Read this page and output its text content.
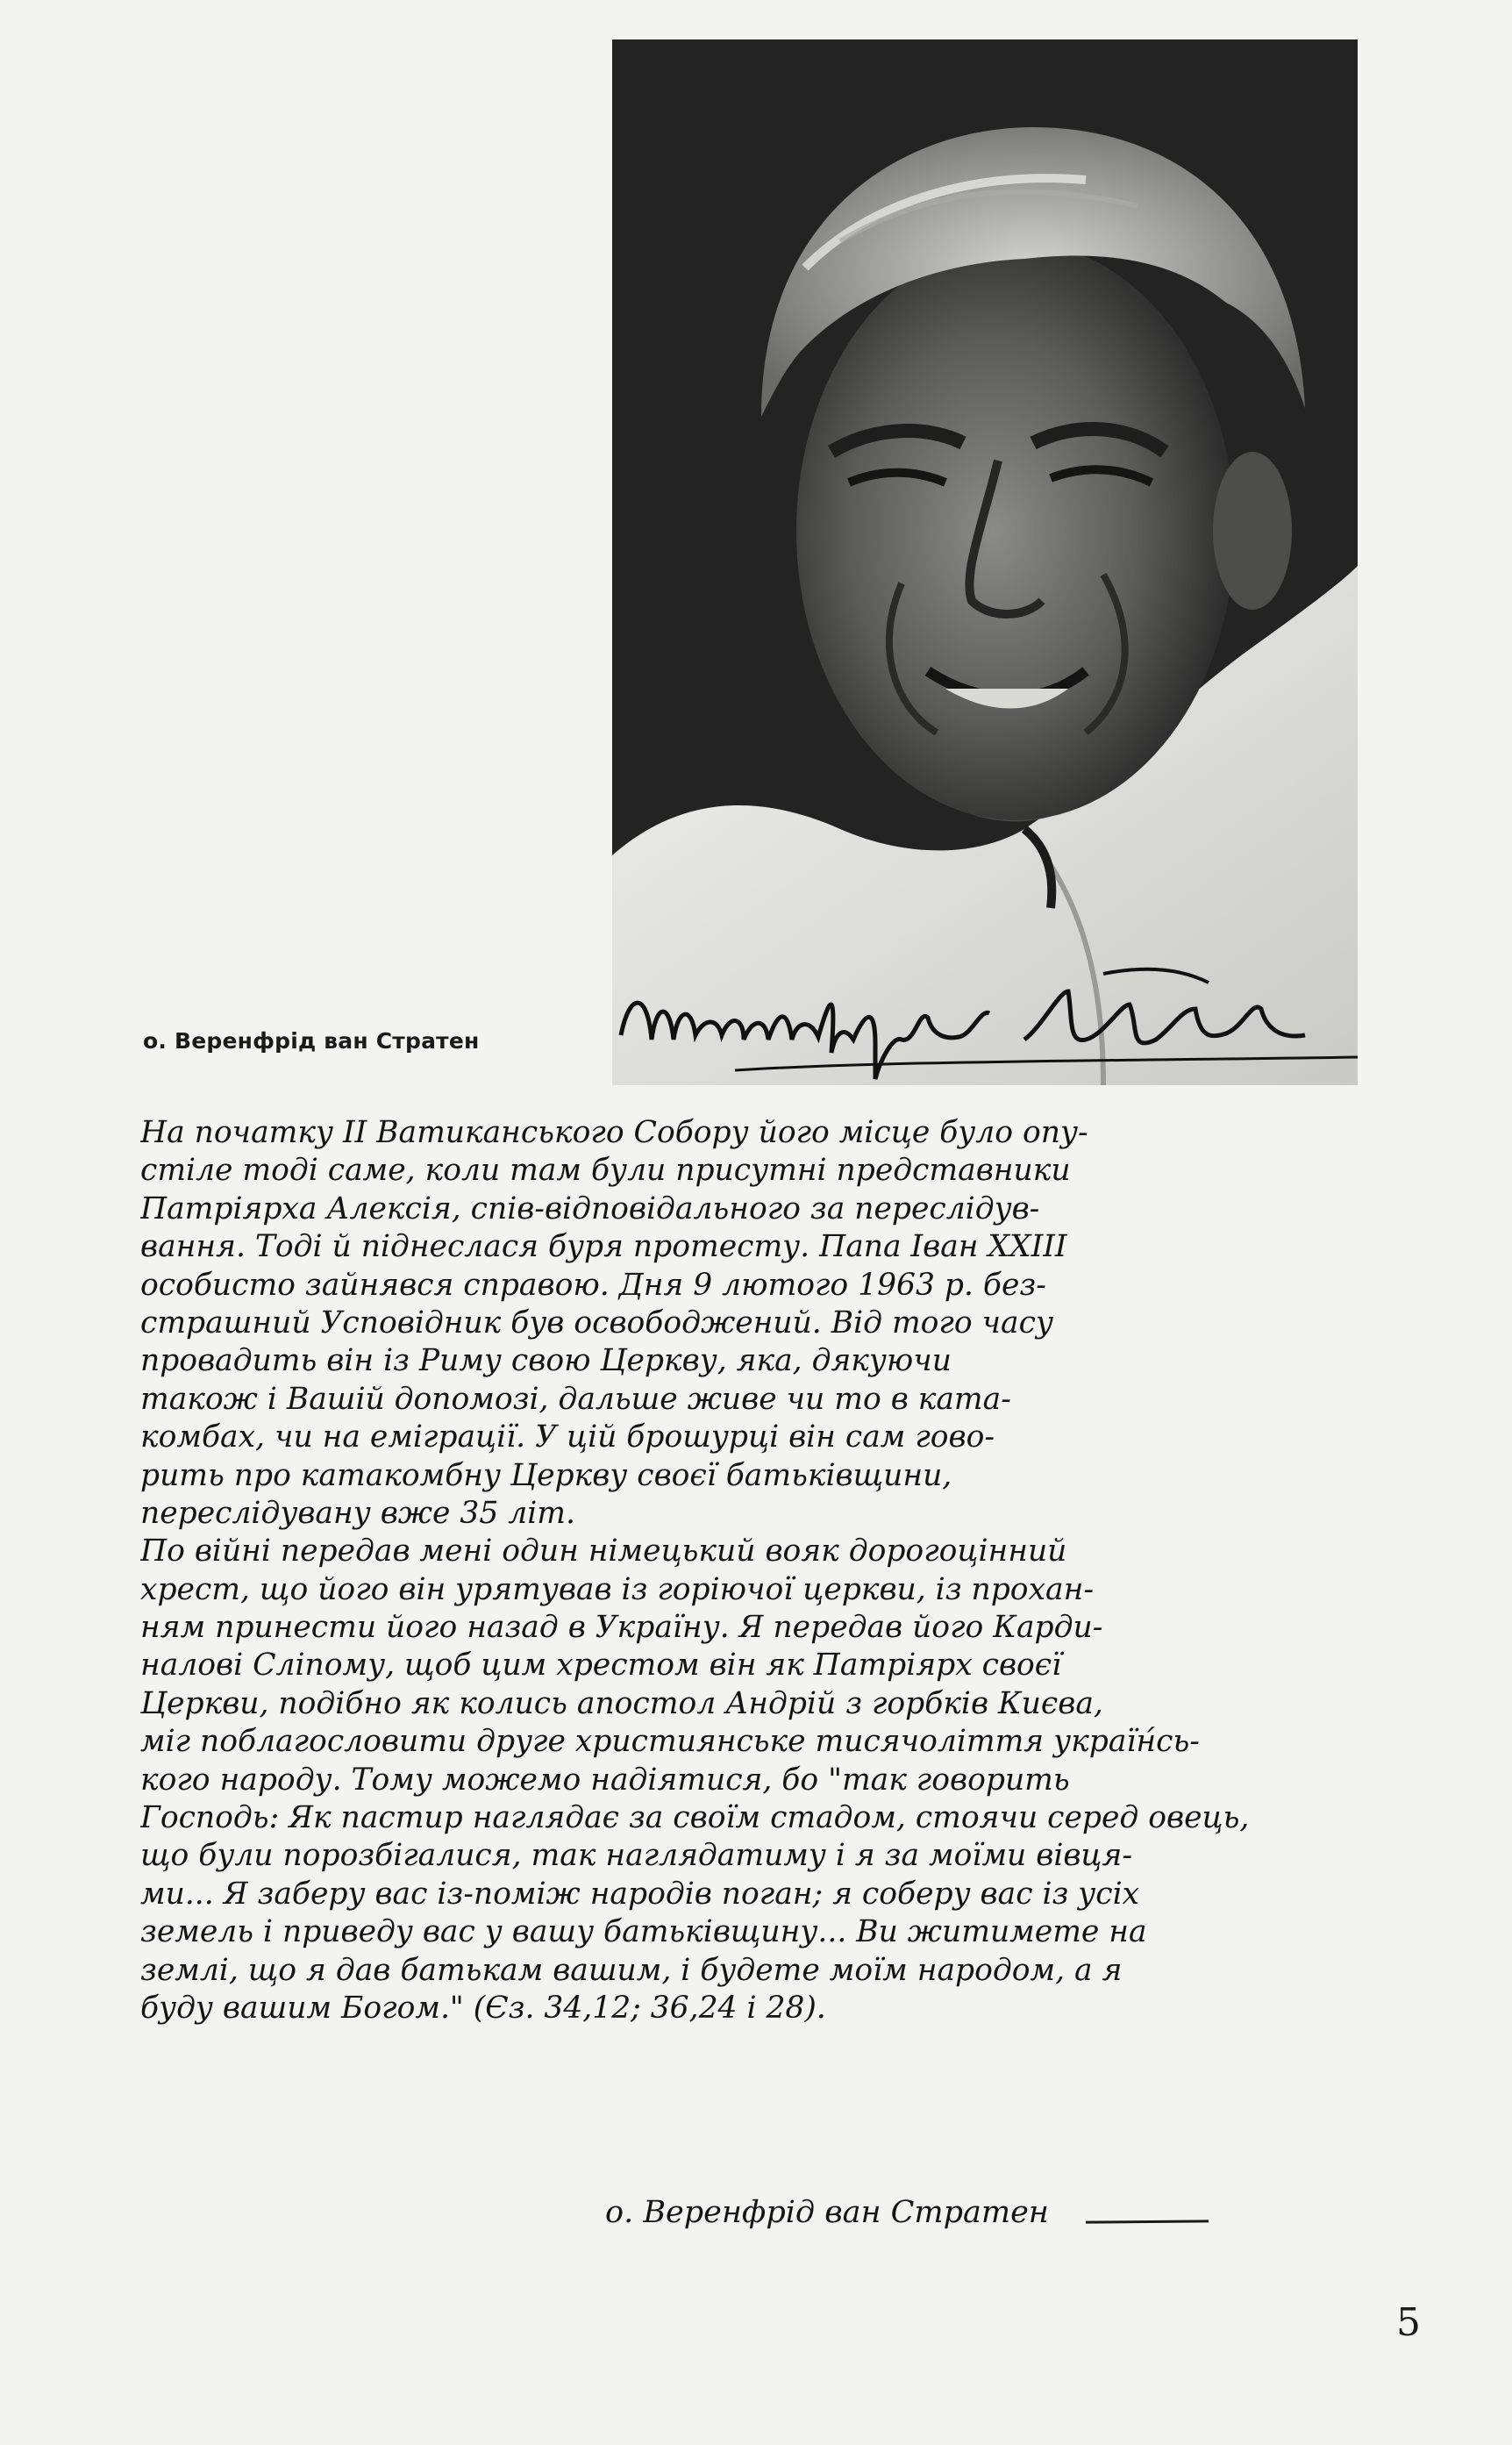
о. Веренфрід ван Стратен
На початку II Ватиканського Собору його місце було опу-
стіле тоді саме, коли там були присутні представники
Патріярха Алексія, спів-відповідального за переслідув-
вання. Тоді й піднеслася буря протесту. Папа Іван XXIII
особисто зайнявся справою. Дня 9 лютого 1963 р. без-
страшний Усповідник був освободжений. Від того часу
провадить він із Риму свою Церкву, яка, дякуючи
також і Вашій допомозі, дальше живе чи то в ката-
комбах, чи на еміграції. У цій брошурці він сам гово-
рить про катакомбну Церкву своєї батьківщини,
переслідувану вже 35 літ.
По війні передав мені один німецький вояк дорогоцінний
хрест, що його він урятував із горіючої церкви, із прохан-
ням принести його назад в Україну. Я передав його Карди-
налові Сліпому, щоб цим хрестом він як Патріярх своєї
Церкви, подібно як колись апостол Андрій з горбків Києва,
міг поблагословити друге християнське тисячоліття україн́сь-
кого народу. Тому можемо надіятися, бо "так говорить
Господь: Як пастир наглядає за своїм стадом, стоячи серед овець,
що були порозбігалися, так наглядатиму і я за моїми вівця-
ми... Я заберу вас із-поміж народів поган; я соберу вас із усіх
земель і приведу вас у вашу батьківщину... Ви житимете на
землі, що я дав батькам вашим, і будете моїм народом, а я
буду вашим Богом." (Єз. 34,12; 36,24 і 28).
о. Веренфрід ван Стратен
5
